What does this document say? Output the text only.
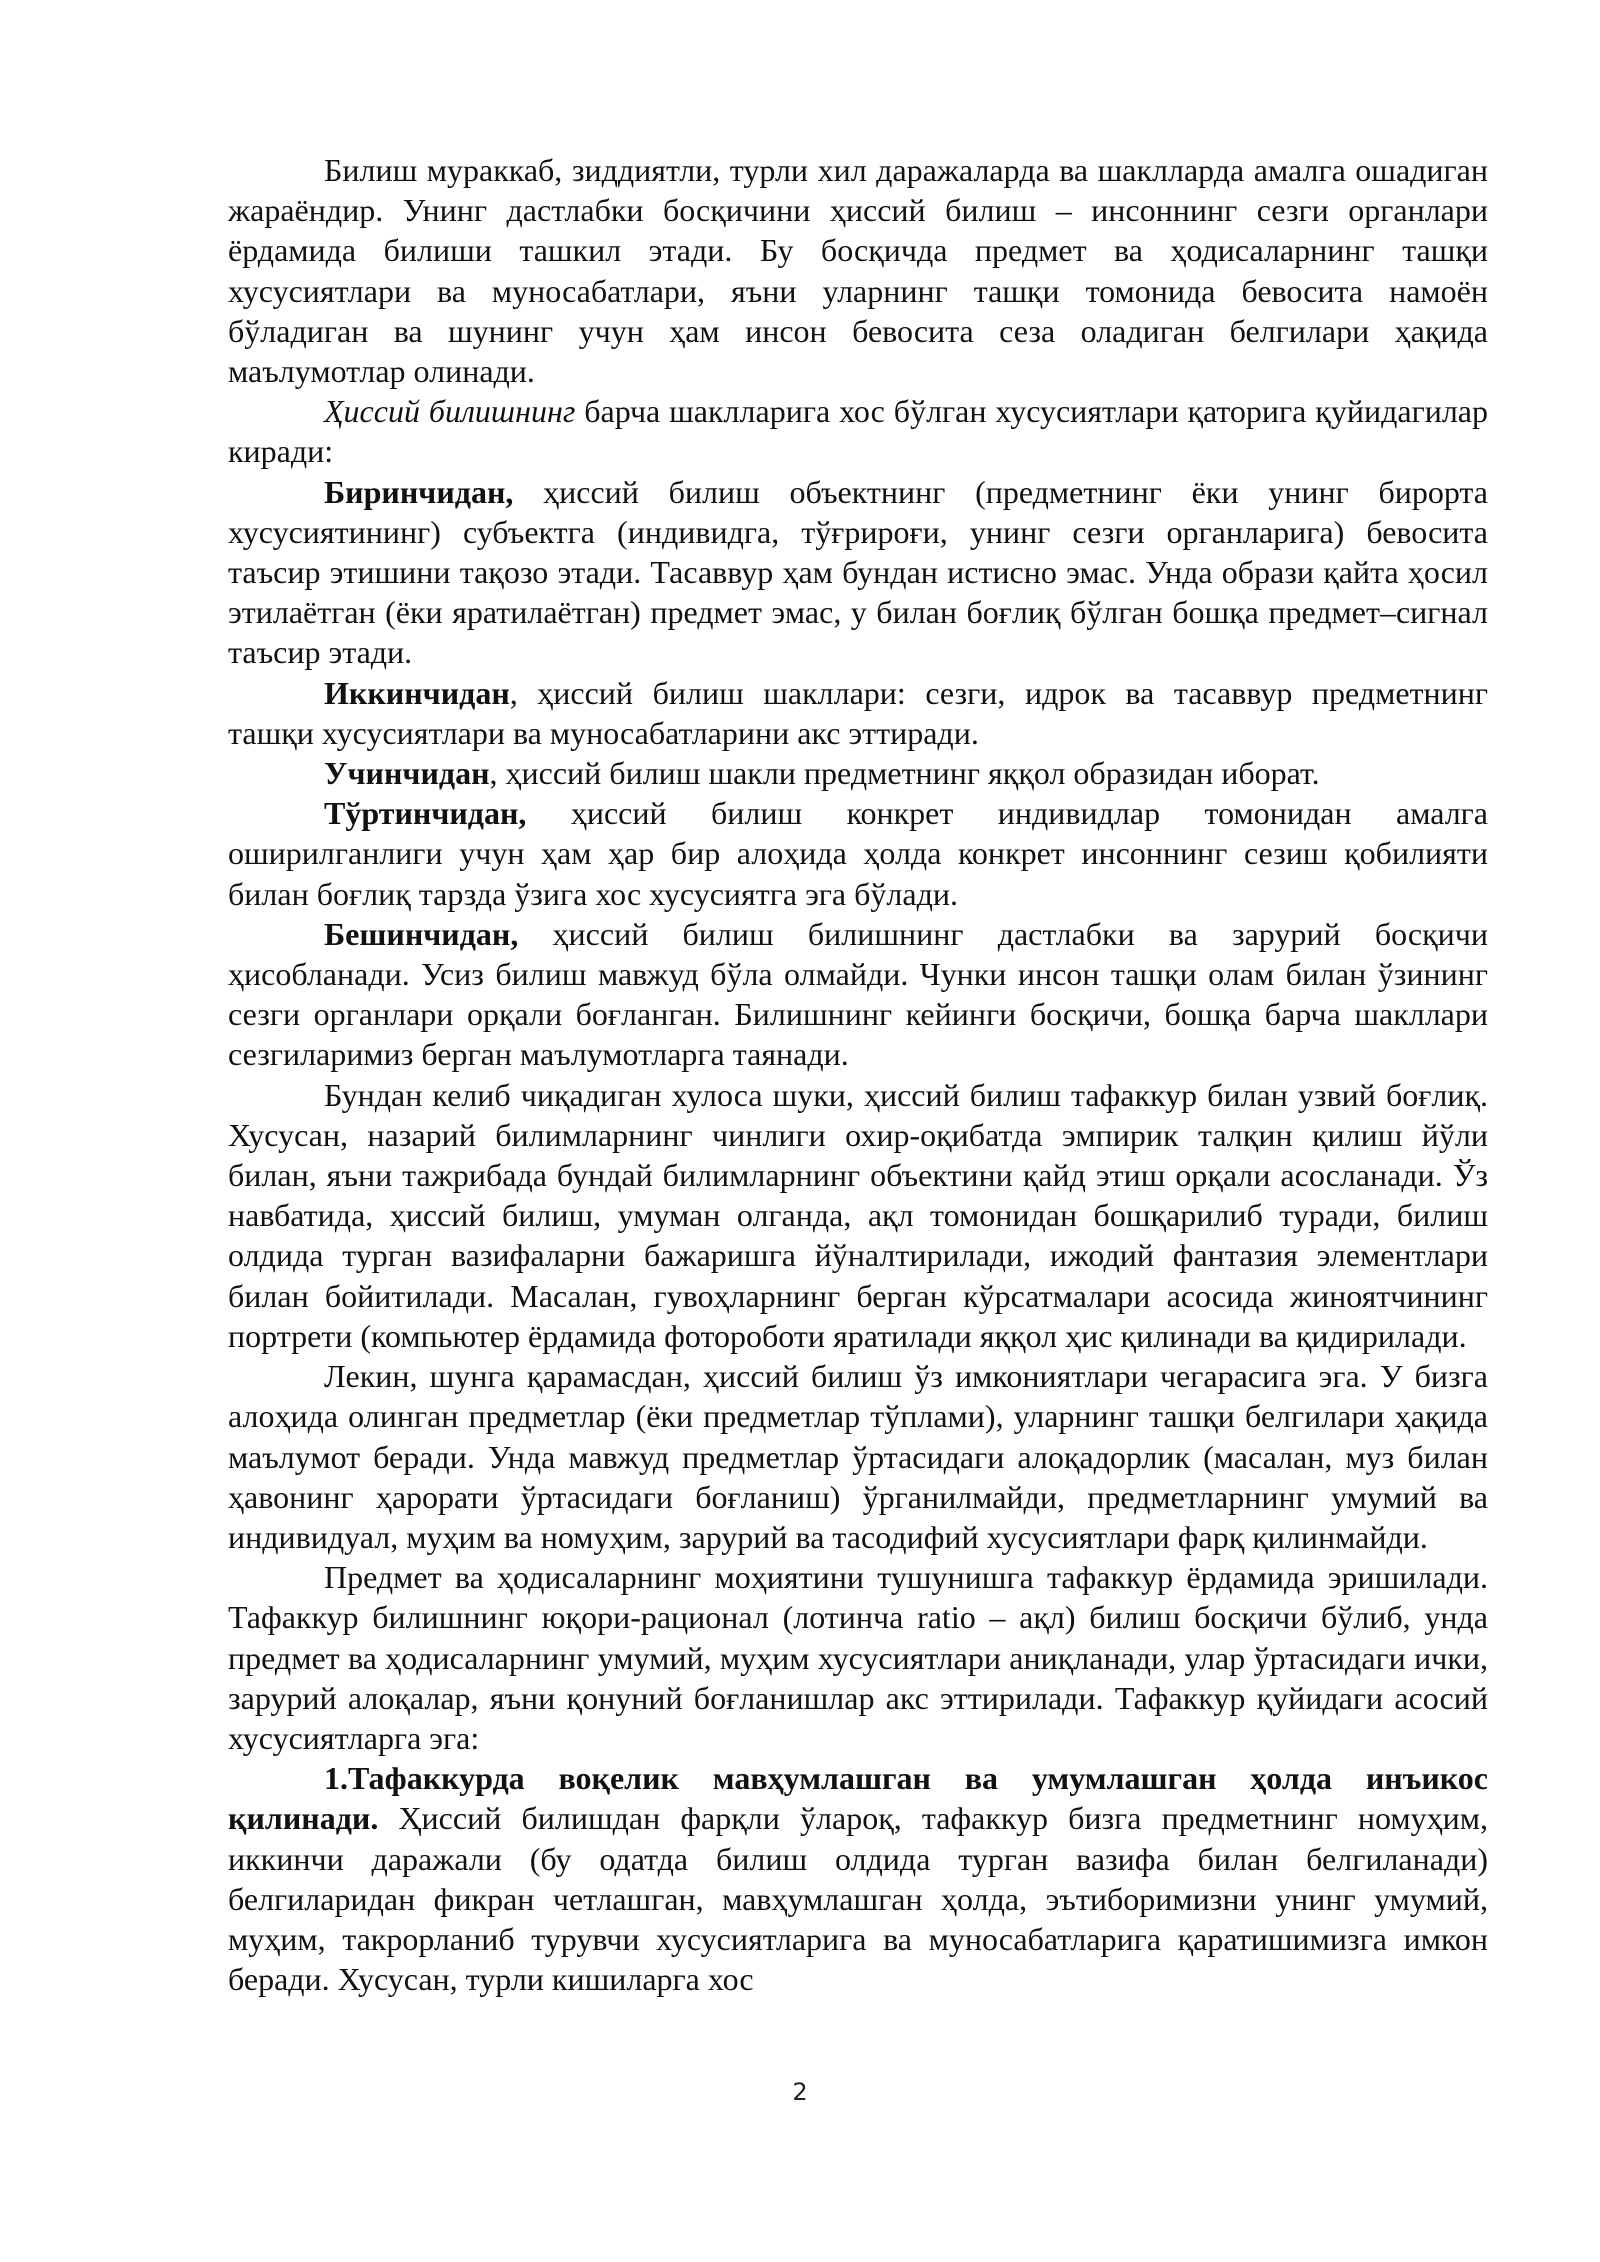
Билиш мураккаб, зиддиятли, турли хил даражаларда ва шаклларда амалга ошадиган жараёндир. Унинг дастлабки босқичини ҳиссий билиш – инсоннинг сезги органлари ёрдамида билиши ташкил этади. Бу босқичда предмет ва ҳодисаларнинг ташқи хусусиятлари ва муносабатлари, яъни уларнинг ташқи томонида бевосита намоён бўладиган ва шунинг учун ҳам инсон бевосита сеза оладиган белгилари ҳақида маълумотлар олинади.

Ҳиссий билишнинг барча шаклларига хос бўлган хусусиятлари қаторига қуйидагилар киради:

Биринчидан, ҳиссий билиш объектнинг (предметнинг ёки унинг бирорта хусусиятининг) субъектга (индивидга, тўғрироғи, унинг сезги органларига) бевосита таъсир этишини тақозо этади. Тасаввур ҳам бундан истисно эмас. Унда образи қайта ҳосил этилаётган (ёки яратилаётган) предмет эмас, у билан боғлиқ бўлган бошқа предмет–сигнал таъсир этади.

Иккинчидан, ҳиссий билиш шакллари: сезги, идрок ва тасаввур предметнинг ташқи хусусиятлари ва муносабатларини акс эттиради.

Учинчидан, ҳиссий билиш шакли предметнинг яққол образидан иборат.

Тўртинчидан, ҳиссий билиш конкрет индивидлар томонидан амалга оширилганлиги учун ҳам ҳар бир алоҳида ҳолда конкрет инсоннинг сезиш қобилияти билан боғлиқ тарзда ўзига хос хусусиятга эга бўлади.

Бешинчидан, ҳиссий билиш билишнинг дастлабки ва зарурий босқичи ҳисобланади. Усиз билиш мавжуд бўла олмайди. Чунки инсон ташқи олам билан ўзининг сезги органлари орқали боғланган. Билишнинг кейинги босқичи, бошқа барча шакллари сезгиларимиз берган маълумотларга таянади.

Бундан келиб чиқадиган хулоса шуки, ҳиссий билиш тафаккур билан узвий боғлиқ. Хусусан, назарий билимларнинг чинлиги охир-оқибатда эмпирик талқин қилиш йўли билан, яъни тажрибада бундай билимларнинг объектини қайд этиш орқали асосланади. Ўз навбатида, ҳиссий билиш, умуман олганда, ақл томонидан бошқарилиб туради, билиш олдида турган вазифаларни бажаришга йўналтирилади, ижодий фантазия элементлари билан бойитилади. Масалан, гувоҳларнинг берган кўрсатмалари асосида жиноятчининг портрети (компьютер ёрдамида фотороботи яратилади яққол ҳис қилинади ва қидирилади.

Лекин, шунга қарамасдан, ҳиссий билиш ўз имкониятлари чегарасига эга. У бизга алоҳида олинган предметлар (ёки предметлар тўплами), уларнинг ташқи белгилари ҳақида маълумот беради. Унда мавжуд предметлар ўртасидаги алоқадорлик (масалан, муз билан ҳавонинг ҳарорати ўртасидаги боғланиш) ўрганилмайди, предметларнинг умумий ва индивидуал, муҳим ва номуҳим, зарурий ва тасодифий хусусиятлари фарқ қилинмайди.

Предмет ва ҳодисаларнинг моҳиятини тушунишга тафаккур ёрдамида эришилади. Тафаккур билишнинг юқори-рационал (лотинча ratio – ақл) билиш босқичи бўлиб, унда предмет ва ҳодисаларнинг умумий, муҳим хусусиятлари аниқланади, улар ўртасидаги ички, зарурий алоқалар, яъни қонуний боғланишлар акс эттирилади. Тафаккур қуйидаги асосий хусусиятларга эга:

1.Тафаккурда воқелик мавҳумлашган ва умумлашган ҳолда инъикос қилинади. Ҳиссий билишдан фарқли ўлароқ, тафаккур бизга предметнинг номуҳим, иккинчи даражали (бу одатда билиш олдида турган вазифа билан белгиланади) белгиларидан фикран четлашган, мавҳумлашган ҳолда, эътиборимизни унинг умумий, муҳим, такрорланиб турувчи хусусиятларига ва муносабатларига қаратишимизга имкон беради. Хусусан, турли кишиларга хос

2
